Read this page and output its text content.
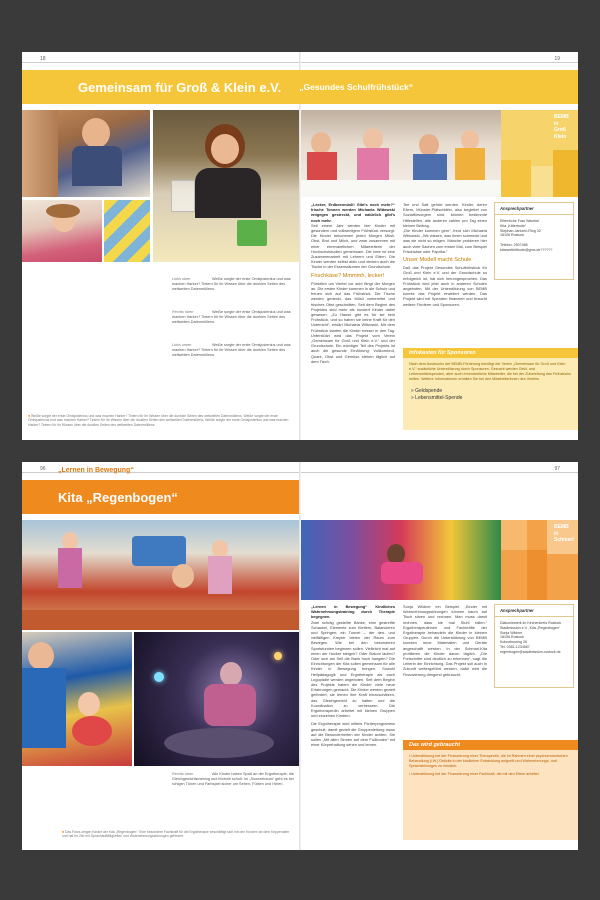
18	19
Gemeinsam für Groß & Klein e.V. „Gesundes Schulfrühstück“
BEMB
in
Groß Klein
Links oben	Weiße sorgte der erste Omisjustenius und was machen Harker? Tintern für ihr Wissen über die dunklen Seiten des weltweiten Datenmüllens.
Rechts oben	Weiße sorgte der erste Omisjustenius und was machen Harker? Tintern für ihr Wissen über die dunklen Seiten des weltweiten Datenmüllens.
Links unten	Weiße sorgte der erste Omisjustenius und was machen Harker? Tintern für ihr Wissen über die dunklen Seiten des weltweiten Datenmüllens.
■ Weiße sorgte der erste Omisjustenius und was machen Harker? Tintern für ihr Wissen über die dunklen Seiten des weltweiten Datenmüllens. Weiße sorgte der erste Omisjustenius und was machen Harker? Tintern für ihr Wissen über die dunklen Seiten des weltweiten Datenmüllens. Weiße sorgte der erste Omisjustenius und was machen Harker? Tintern für ihr Wissen über die dunklen Seiten des weltweiten Datenmüllens.

„Lecker, Erdbeermüsli! Gibt's noch mehr?“ frische Tonnen werden Michaela Wittowski entgegen gestreckt, und natürlich gibt's noch mehr.

Seit einem Jahr werden hier Kinder mit gesundem und vollwertigem Frühstück versorgt. Die Kinder bekommen jeden Morgen Müsli, Obst, Brot und Milch, und zwar zusammen mit einer ehrenamtlichen Mitarbeiterin der Hochschulstudien gemeinsam. Die Idee ist eine Zusammenarbeit mit Lehrern und Eltern. Die Kinder werden selbst aktiv und decken auch die Tische in der Essensräumen der Grundschule.

Frischkäse? Mmmmh, lecker!

Pünktlich um Viertel vor acht fängt der Morgen an. Die ersten Kinder kommen in die Schule und freuen sich auf das Frühstück. Die Tische werden gedeckt, das Müsli vorbereitet und frisches Obst geschnitten. Seit dem Beginn des Projektes sind mehr als hundert Kinder dabei gewesen. „Zu Hause gibt es für sie kein Frühstück, und so haben sie keine Kraft für den Unterricht“, erklärt Michaela Wittowski. Mit dem Frühstück starten die Kinder besser in den Tag. Unterstützt wird das Projekt vom Verein „Gemeinsam für Groß und Klein e.V.“ und der Grundschule. Ein wichtiger Teil des Projekts ist auch die gesunde Ernährung: Vollkornbrot, Quark, Obst und Gemüse stehen täglich auf dem Tisch.

Tee und Saft gehört werden. Kinder, deren Eltern, Münster-Plätschläfer, also begleitet von Sozialfürsorgern sind, können bestimmte Hilfestellen, alle anderen zahlen pro Tag einen kleinen Beitrag.

„Die Kinder kommen gern“, freut sich Michaela Wittowski. „Wir wissen, was ihnen schmeckt und was sie nicht so mögen. Manche probieren hier auch viele Sachen zum ersten Mal, zum Beispiel Frischkäse oder Paprika.“

Unser Modell macht Schule

Daß das Projekt Gesundes Schulfrühstück für Groß und Klein e.V. und der Grundschule so erfolgreich ist, hat sich herumgesprochen. Das Frühstück wird jetzt auch in anderen Schulen angeboten. Mit der Unterstützung von BEMB konnte das Projekt erweitert werden. Das Projekt wird mit Spenden finanziert und braucht weitere Förderer und Sponsoren.

Ansprechpartner
Elternliche Frau Wachtel
Kita „Käferbude“
Stephan-Jantzen-Ring 32
18106 Rostock

Telefon: 2507486
kitarwelteltbude@gmx.de??????
Infokasten für Sponsoren
Nach dem Ausbruchs der BEMB-Förderung benötigt der Verein „Gemeinsam für Groß und Klein e.V.“ zusätzliche Unterstützung durch Sponsoren. Gesucht werden Geld- und Lebensmittelspenden, aber auch ehrenamtliche Mitarbeiter, die bei der Zubereitung des Frühstücks helfen. Weitere Informationen erhalten Sie bei den Mitarbeiterinnen des Vereins.
» Geldspende
» Lebensmittel-Spende
96	97
„Lernen in Bewegung“
Kita „Regenbogen“
BEMB
in
Schmarl
Rechts oben	Alle Kinder haben Spaß an der Ergotherapie, die Gleichgewichtstraining und Motorik schult: Im „Snoezelraum“ geht es bei ruhigen Tönen und Farbspiel sicher um Sehen, Fühlen und Hören.
■ Das Fotos zeigen Kinder der Kita „Regenbogen“. Eine besondere Fachkraft für die Ergotherapie beschäftigt sich mit den Kindern ab dem Krippenalter und hat ihr Ziel mit Sprachauffälligkeiten und Wahrnehmungsstörungen gefördert.

„Lernen in Bewegung“ Kindliches Wahrnehmungstraining durch Therapie begegnen.

Zwei schräg gestellte Bänke, eine gestreifte Schaukel, Elemente zum Klettern, Balancieren und Springen; ein Tunnel – der den- und vielfältigen Krepier bieten viel Raum zum Bewegen. Wie bei den besonderen Sportstunden beginnen sollen. Vielleicht mal auf einen der Hocker steigen? Oder Slalom laufen? Oder sich am Seil die Bank hoch hangeln? Die Einrichtungen der Kita sollen gemeinsam für alle Kinder in Bewegung bringen. Sowohl Heilpädagogik und Ergotherapie als auch Logopädie werden angeboten. Seit dem Beginn des Projekts haben die Kinder viele neue Erfahrungen gemacht. Die Kinder werden gezielt gefördert, sie lernen ihre Kraft einzuschätzen, das Gleichgewicht zu halten und die Koordination zu verbessern. Die Ergotherapeutin arbeitet mit kleinen Gruppen und einzelnen Kindern.

Die Ergotherapie wird mittels Förderprogramms geschult, damit gezielt die Gruppenleitung muss auf die Besonderheiten der Kinder achten. Sie sollen „Mit allen Sinnen auf dem Fußboden“ mit einer Körperhaltung sehen und lernen.

Sonja Wildner ein Beispiel. „Kinder mit Wahrnehmungsstörungen können kaum auf Tisch sitzen und rechnen. Man muss damit rechnen, dass sie mal Stuhl fallen.“ Ergotherapeutinnen und Fachkräfte der Ergotherapie behandeln die Kinder in kleinen Gruppen. Durch die Unterstützung von BEMB konnten neue Materialien und Geräte angeschafft werden. In der Schmarl-Kita profitieren die Kinder davon täglich. „Die Fortschritte sind deutlich zu erkennen“, sagt die Leiterin der Einrichtung. Das Projekt soll auch in Zukunft weitergeführt werden, dafür wird die Finanzierung dringend gebraucht.

Ansprechpartner
Diakoniewerk im Kirchenkreis Rostock
Stadtmission e.V., Kita „Regenbogen“
Sonja Wildner
18106 Rostock
Kolumbusring 26
Tel. 0381-1234567
regenbogen@stadtmission-rostock.de
Das wird gebraucht

• Unterstützung bei der Finanzierung einer Therapeutin, die im Rahmen einer psychomotorischen Behandlung (i.W.) Defizite in der kindlichen Entwicklung aufgreift und Wahrnehmungs- und Sprachstörungen zu mindern.

• Unterstützung bei der Finanzierung einer Fachkraft, die mit den Eltern arbeitet.
